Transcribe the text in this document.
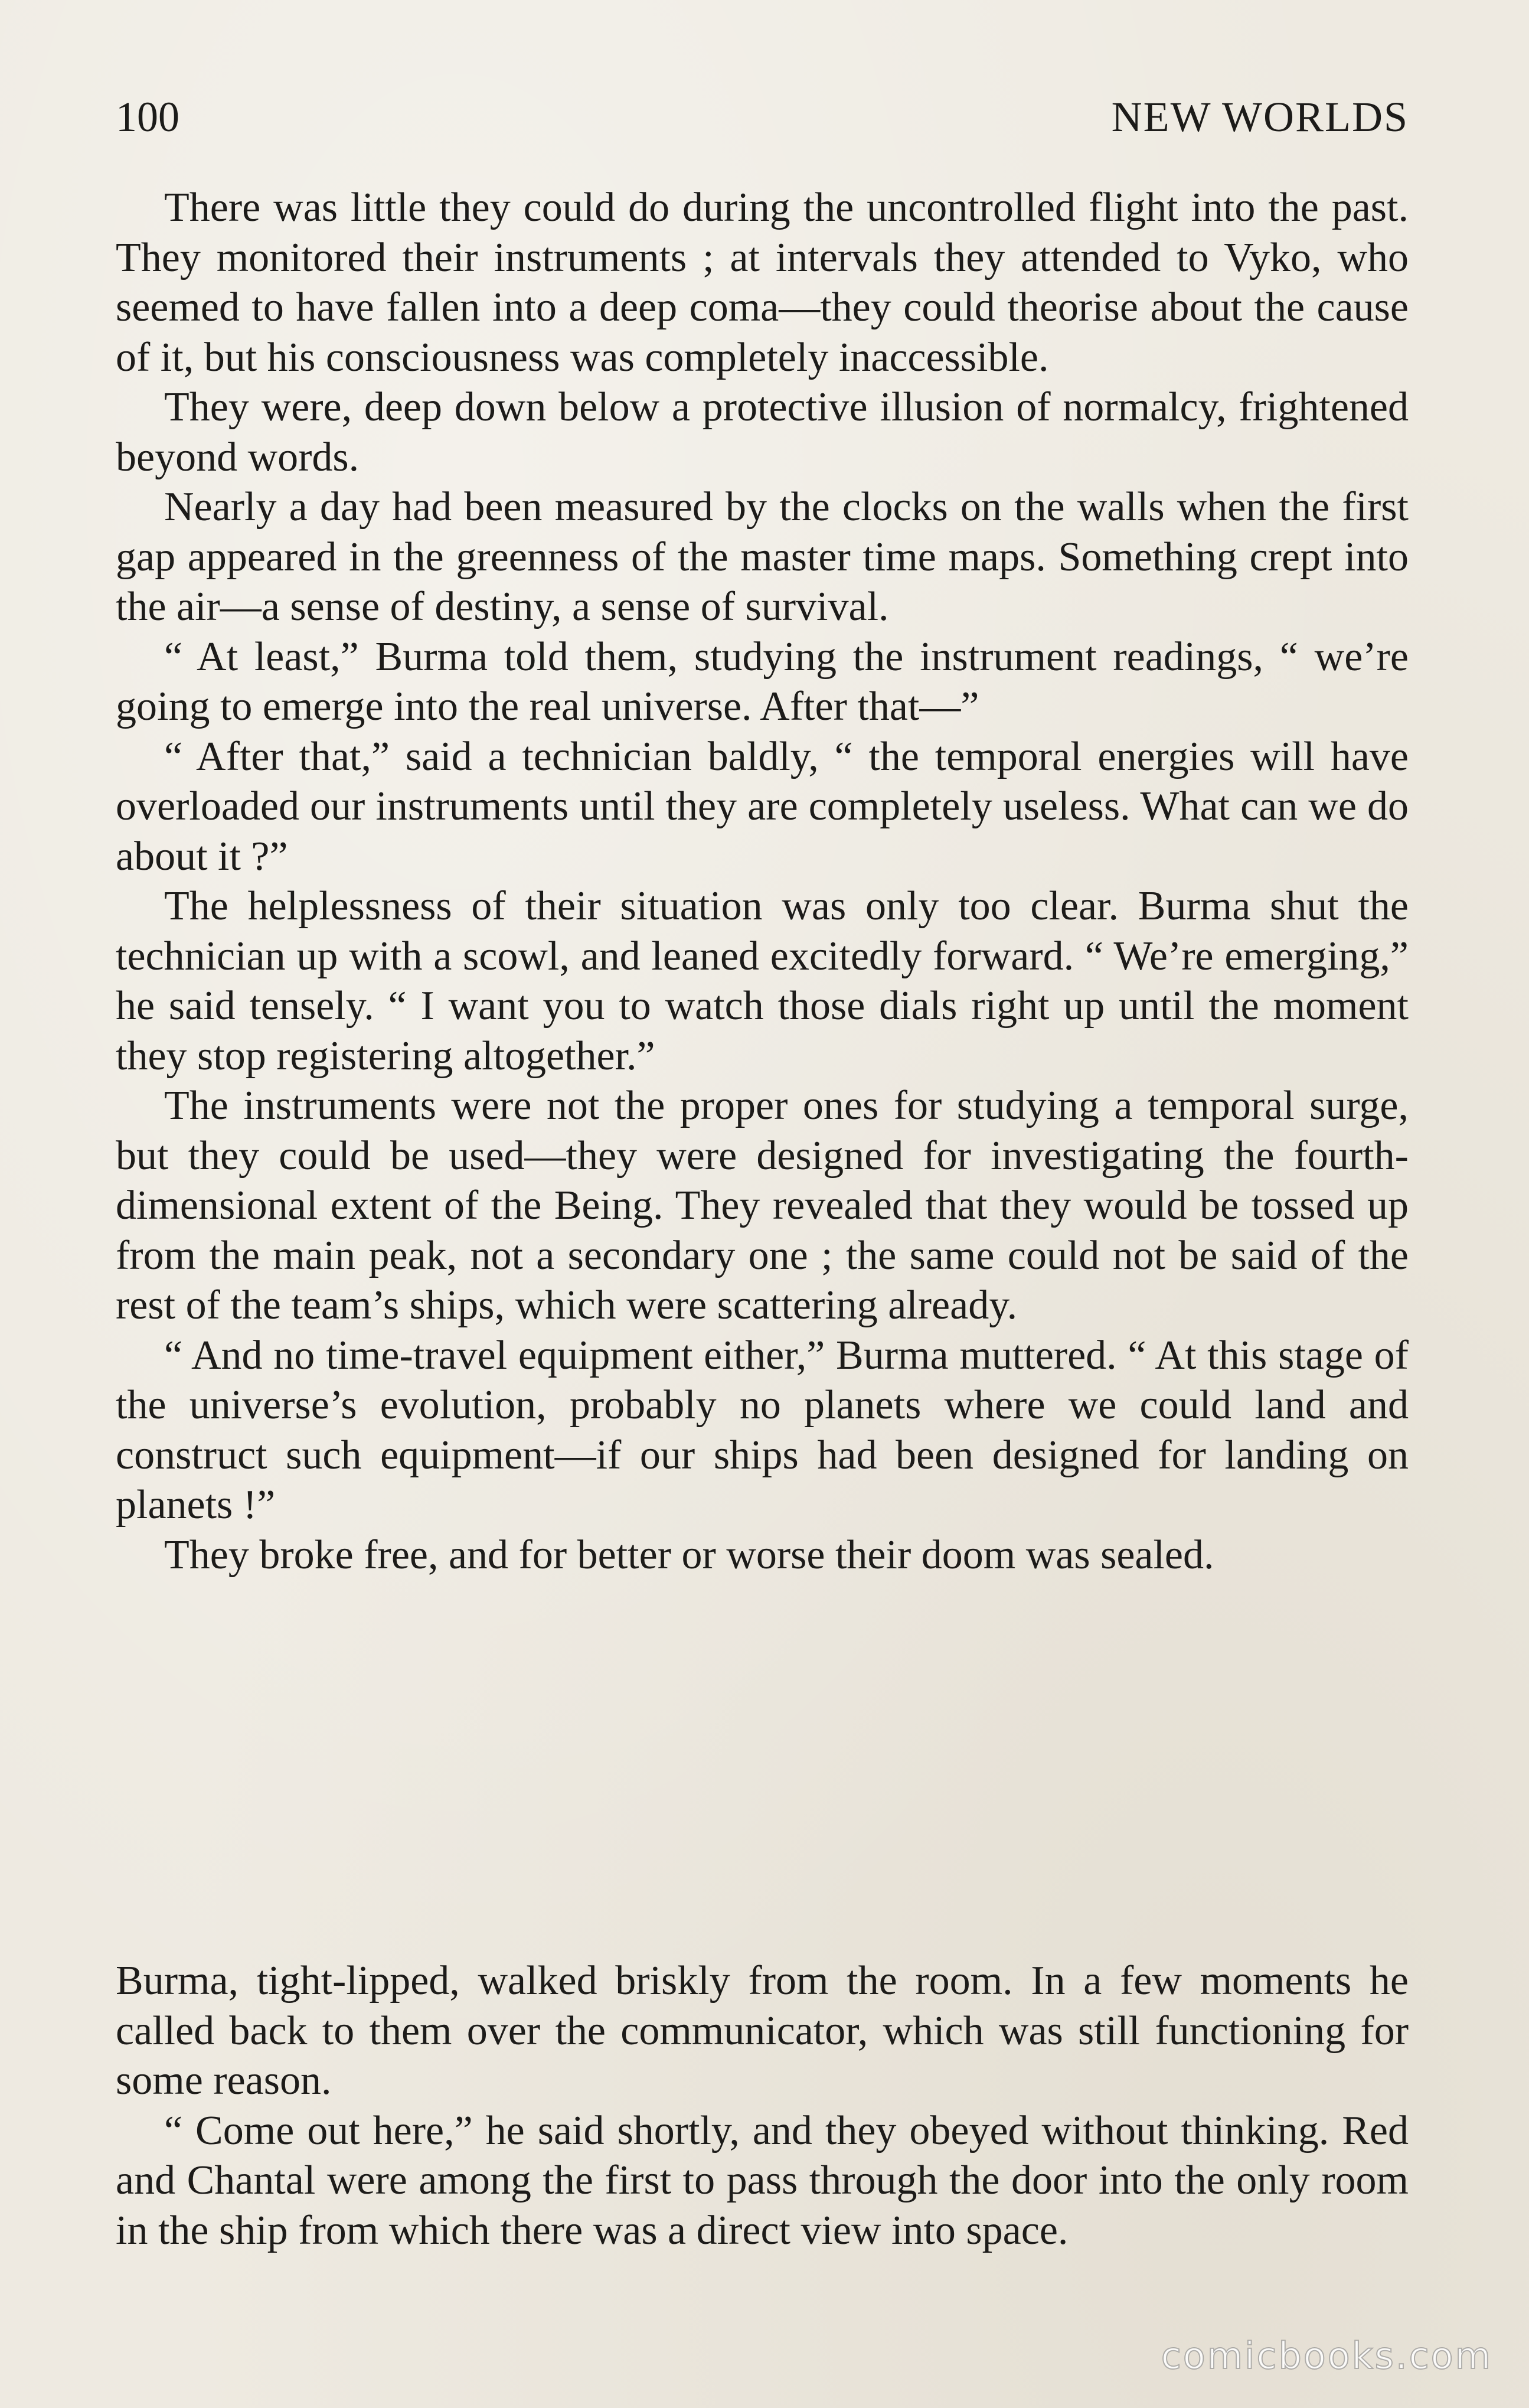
100	NEW WORLDS

There was little they could do during the uncontrolled flight into the past. They monitored their instruments ; at intervals they attended to Vyko, who seemed to have fallen into a deep coma—they could theorise about the cause of it, but his consciousness was completely inaccessible.

They were, deep down below a protective illusion of normalcy, frightened beyond words.

Nearly a day had been measured by the clocks on the walls when the first gap appeared in the greenness of the master time maps. Something crept into the air—a sense of destiny, a sense of survival.

“ At least,” Burma told them, studying the instrument readings, “ we’re going to emerge into the real universe. After that—”

“ After that,” said a technician baldly, “ the temporal energies will have overloaded our instruments until they are completely useless. What can we do about it ?”

The helplessness of their situation was only too clear. Burma shut the technician up with a scowl, and leaned excitedly forward. “ We’re emerging,” he said tensely. “ I want you to watch those dials right up until the moment they stop registering altogether.”

The instruments were not the proper ones for studying a temporal surge, but they could be used—they were designed for investigating the fourth-dimensional extent of the Being. They revealed that they would be tossed up from the main peak, not a secondary one ; the same could not be said of the rest of the team’s ships, which were scattering already.

“ And no time-travel equipment either,” Burma muttered. “ At this stage of the universe’s evolution, probably no planets where we could land and construct such equipment—if our ships had been designed for landing on planets !”

They broke free, and for better or worse their doom was sealed.

Burma, tight-lipped, walked briskly from the room. In a few moments he called back to them over the communicator, which was still functioning for some reason.

“ Come out here,” he said shortly, and they obeyed without thinking. Red and Chantal were among the first to pass through the door into the only room in the ship from which there was a direct view into space.

comicbooks.com
